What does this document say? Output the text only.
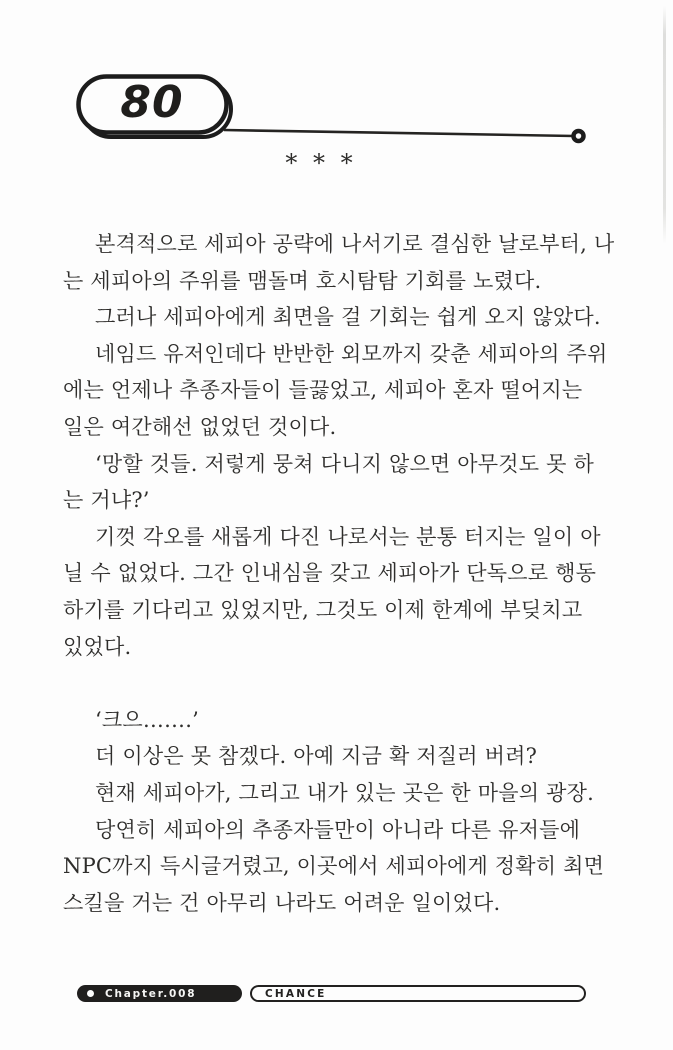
80
* * *
본격적으로 세피아 공략에 나서기로 결심한 날로부터, 나
는 세피아의 주위를 맴돌며 호시탐탐 기회를 노렸다.
그러나 세피아에게 최면을 걸 기회는 쉽게 오지 않았다.
네임드 유저인데다 반반한 외모까지 갖춘 세피아의 주위
에는 언제나 추종자들이 들끓었고, 세피아 혼자 떨어지는
일은 여간해선 없었던 것이다.
‘망할 것들. 저렇게 뭉쳐 다니지 않으면 아무것도 못 하
는 거냐?’
기껏 각오를 새롭게 다진 나로서는 분통 터지는 일이 아
닐 수 없었다. 그간 인내심을 갖고 세피아가 단독으로 행동
하기를 기다리고 있었지만, 그것도 이제 한계에 부딪치고
있었다.

‘크으…….’
더 이상은 못 참겠다. 아예 지금 확 저질러 버려?
현재 세피아가, 그리고 내가 있는 곳은 한 마을의 광장.
당연히 세피아의 추종자들만이 아니라 다른 유저들에
NPC까지 득시글거렸고, 이곳에서 세피아에게 정확히 최면
스킬을 거는 건 아무리 나라도 어려운 일이었다.
Chapter.008	CHANCE
